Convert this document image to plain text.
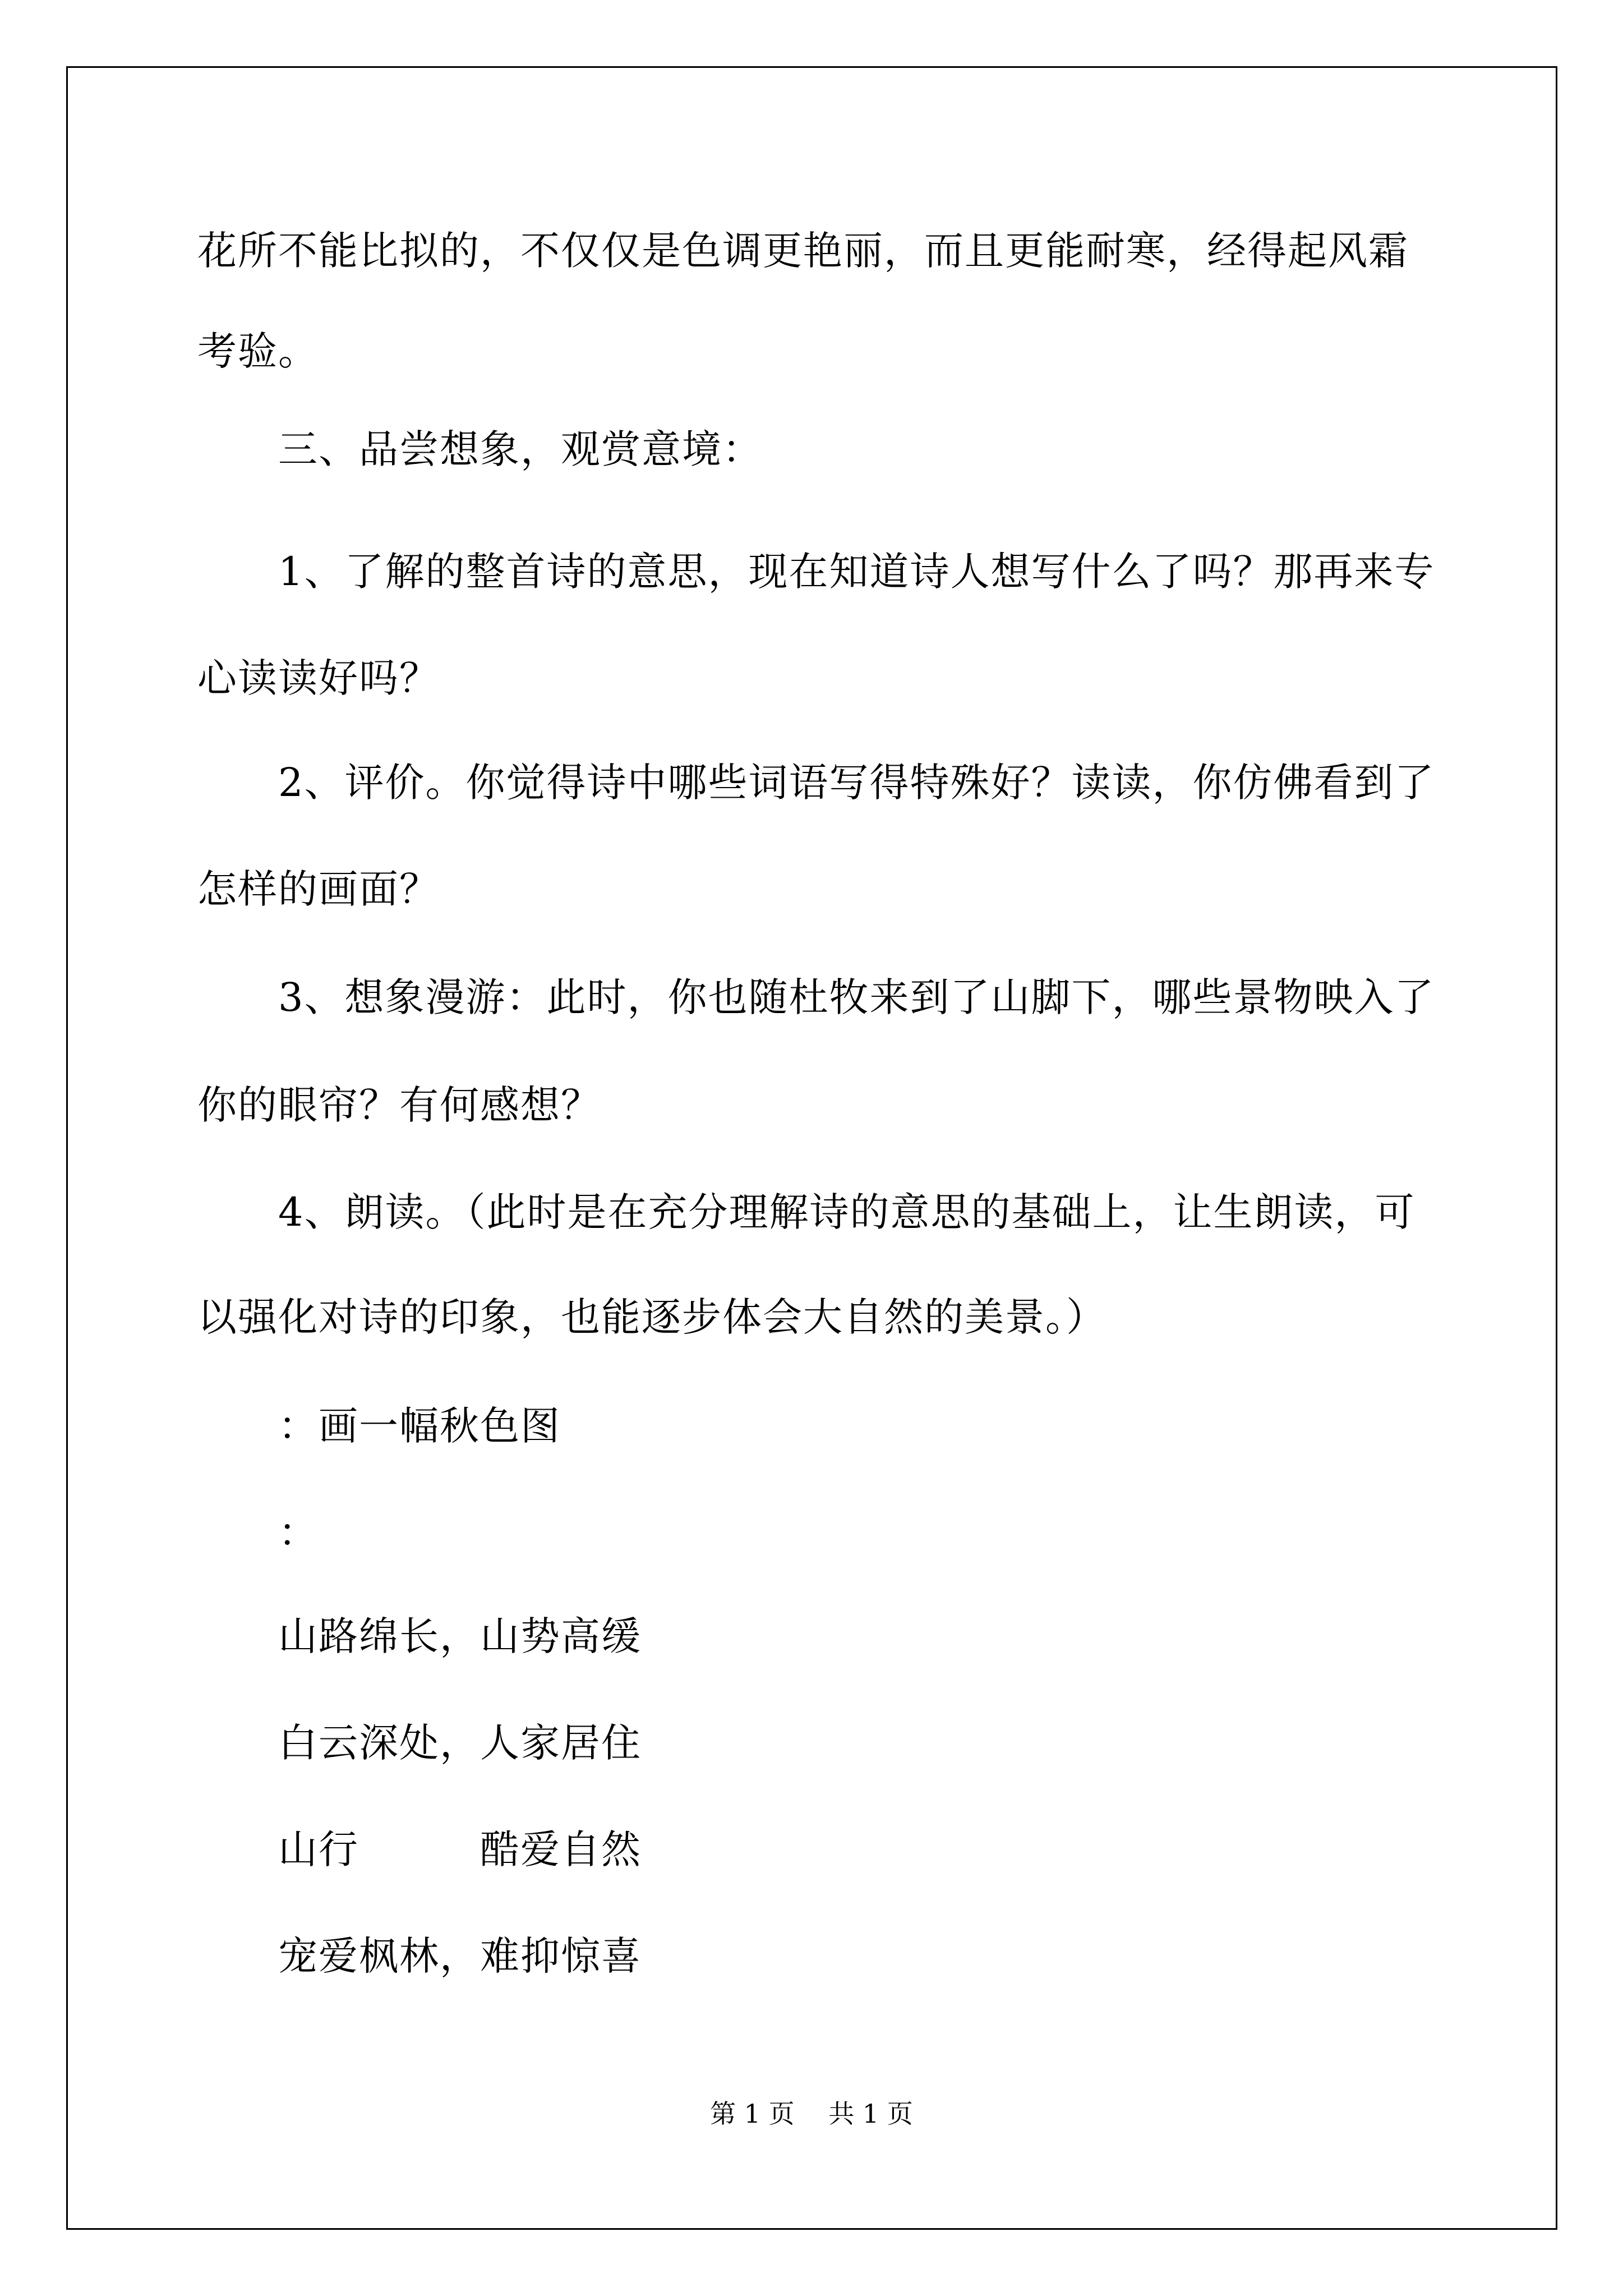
花所不能比拟的，不仅仅是色调更艳丽，而且更能耐寒，经得起风霜
考验。
三、品尝想象，观赏意境：
1、了解的整首诗的意思，现在知道诗人想写什么了吗？那再来专
心读读好吗？
2、评价。你觉得诗中哪些词语写得特殊好？读读，你仿佛看到了
怎样的画面？
3、想象漫游：此时，你也随杜牧来到了山脚下，哪些景物映入了
你的眼帘？有何感想？
4、朗读。（此时是在充分理解诗的意思的基础上，让生朗读，可
以强化对诗的印象，也能逐步体会大自然的美景。）
：画一幅秋色图
：
山路绵长，山势高缓
白云深处，人家居住
山行　　　酷爱自然
宠爱枫林，难抑惊喜
第 1 页　 共 1 页
